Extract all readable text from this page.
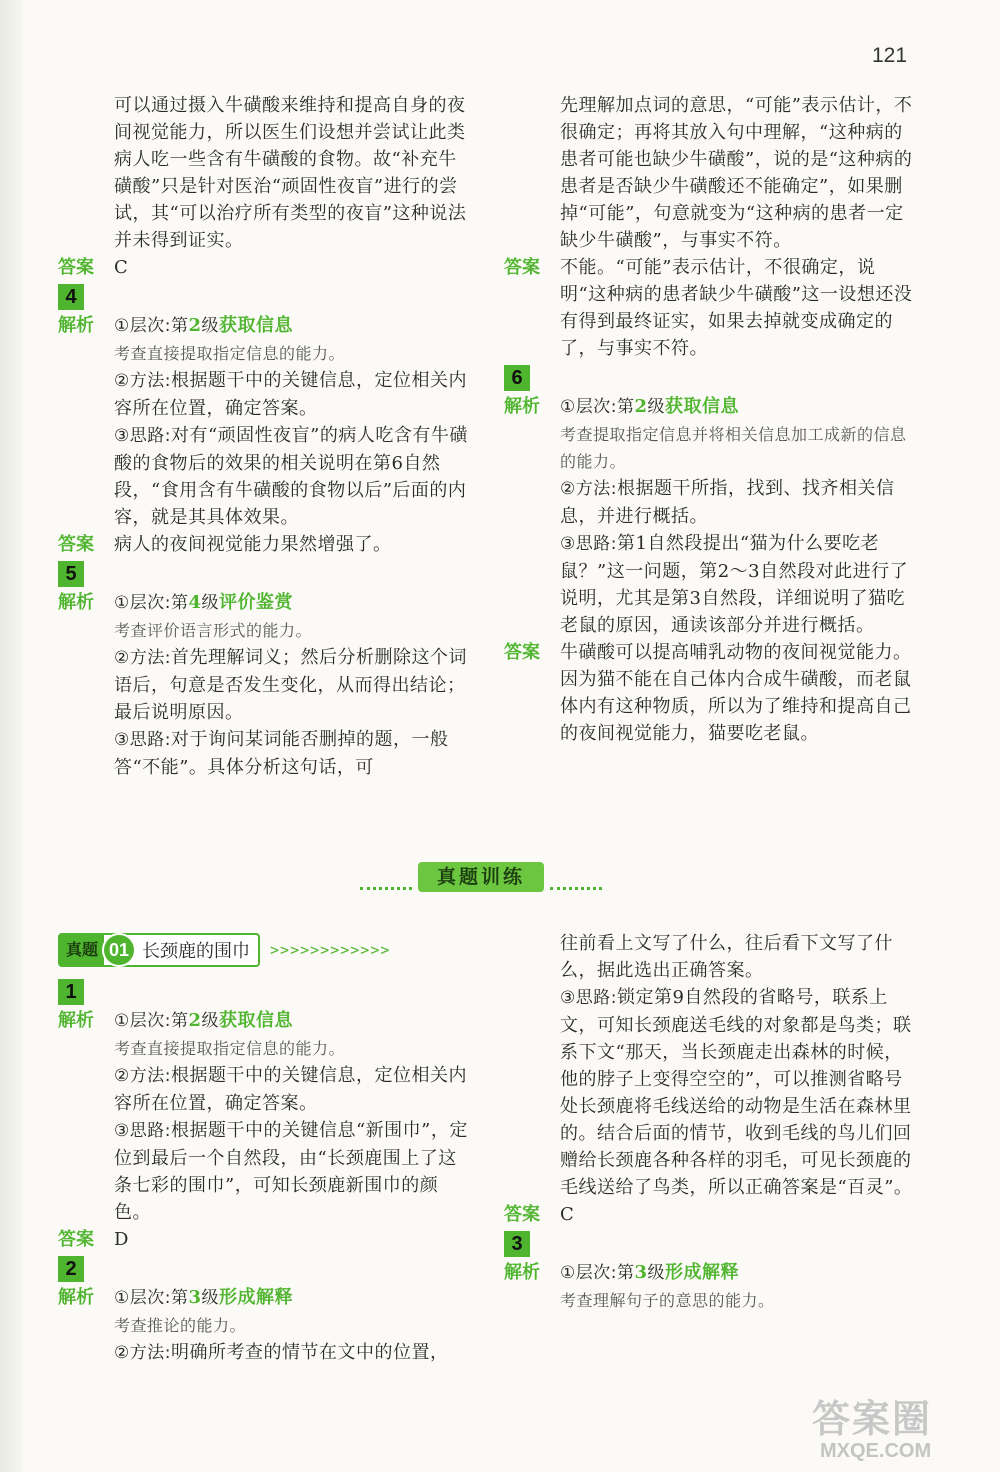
121

可以通过摄入牛磺酸来维持和提高自身的夜间视觉能力，所以医生们设想并尝试让此类病人吃一些含有牛磺酸的食物。故“补充牛磺酸”只是针对医治“顽固性夜盲”进行的尝试，其“可以治疗所有类型的夜盲”这种说法并未得到证实。

答案	C
4
解析	①层次:第2级获取信息

考查直接提取指定信息的能力。

②方法:根据题干中的关键信息，定位相关内容所在位置，确定答案。

③思路:对有“顽固性夜盲”的病人吃含有牛磺酸的食物后的效果的相关说明在第6自然段，“食用含有牛磺酸的食物以后”后面的内容，就是其具体效果。

答案	病人的夜间视觉能力果然增强了。
5
解析	①层次:第4级评价鉴赏

考查评价语言形式的能力。

②方法:首先理解词义；然后分析删除这个词语后，句意是否发生变化，从而得出结论；最后说明原因。

③思路:对于询问某词能否删掉的题，一般答“不能”。具体分析这句话，可

先理解加点词的意思，“可能”表示估计，不很确定；再将其放入句中理解，“这种病的患者可能也缺少牛磺酸”，说的是“这种病的患者是否缺少牛磺酸还不能确定”，如果删掉“可能”，句意就变为“这种病的患者一定缺少牛磺酸”，与事实不符。

答案	不能。“可能”表示估计，不很确定，说明“这种病的患者缺少牛磺酸”这一设想还没有得到最终证实，如果去掉就变成确定的了，与事实不符。
6
解析	①层次:第2级获取信息

考查提取指定信息并将相关信息加工成新的信息的能力。

②方法:根据题干所指，找到、找齐相关信息，并进行概括。

③思路:第1自然段提出“猫为什么要吃老鼠？”这一问题，第2～3自然段对此进行了说明，尤其是第3自然段，详细说明了猫吃老鼠的原因，通读该部分并进行概括。

答案	牛磺酸可以提高哺乳动物的夜间视觉能力。因为猫不能在自己体内合成牛磺酸，而老鼠体内有这种物质，所以为了维持和提高自己的夜间视觉能力，猫要吃老鼠。
真题训练
真题 01 长颈鹿的围巾 >>>>>>>>>>>>
1
解析	①层次:第2级获取信息

考查直接提取指定信息的能力。

②方法:根据题干中的关键信息，定位相关内容所在位置，确定答案。

③思路:根据题干中的关键信息“新围巾”，定位到最后一个自然段，由“长颈鹿围上了这条七彩的围巾”，可知长颈鹿新围巾的颜色。

答案	D
2
解析	①层次:第3级形成解释

考查推论的能力。

②方法:明确所考查的情节在文中的位置，

往前看上文写了什么，往后看下文写了什么，据此选出正确答案。

③思路:锁定第9自然段的省略号，联系上文，可知长颈鹿送毛线的对象都是鸟类；联系下文“那天，当长颈鹿走出森林的时候，他的脖子上变得空空的”，可以推测省略号处长颈鹿将毛线送给的动物是生活在森林里的。结合后面的情节，收到毛线的鸟儿们回赠给长颈鹿各种各样的羽毛，可见长颈鹿的毛线送给了鸟类，所以正确答案是“百灵”。

答案	C
3
解析	①层次:第3级形成解释

考查理解句子的意思的能力。

答案圈
MXQE.COM
